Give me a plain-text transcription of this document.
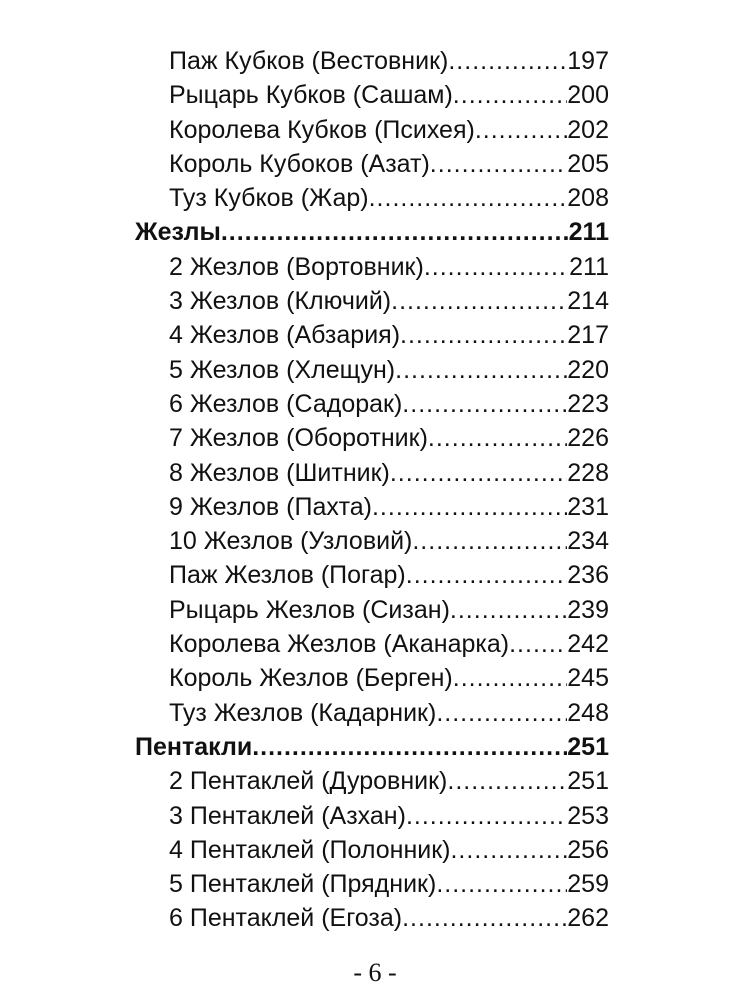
Паж Кубков (Вестовник) .....	197
Рыцарь Кубков (Сашам) .....	200
Королева Кубков (Психея) .....	202
Король Кубоков (Азат) .....	205
Туз Кубков (Жар) .....	208
Жезлы .....	211
2 Жезлов (Вортовник) .....	211
3 Жезлов (Ключий) .....	214
4 Жезлов (Абзария) .....	217
5 Жезлов (Хлещун) .....	220
6 Жезлов (Садорак) .....	223
7 Жезлов (Оборотник) .....	226
8 Жезлов (Шитник) .....	228
9 Жезлов (Пахта) .....	231
10 Жезлов (Узловий) .....	234
Паж Жезлов (Погар) .....	236
Рыцарь Жезлов (Сизан) .....	239
Королева Жезлов (Аканарка) ..... 242
Король Жезлов (Берген) .....	245
Туз Жезлов (Кадарник) .....	248
Пентакли .....	251
2 Пентаклей (Дуровник) .....	251
3 Пентаклей (Азхан) .....	253
4 Пентаклей (Полонник) .....	256
5 Пентаклей (Прядник) .....	259
6 Пентаклей (Егоза) .....	262
- 6 -
